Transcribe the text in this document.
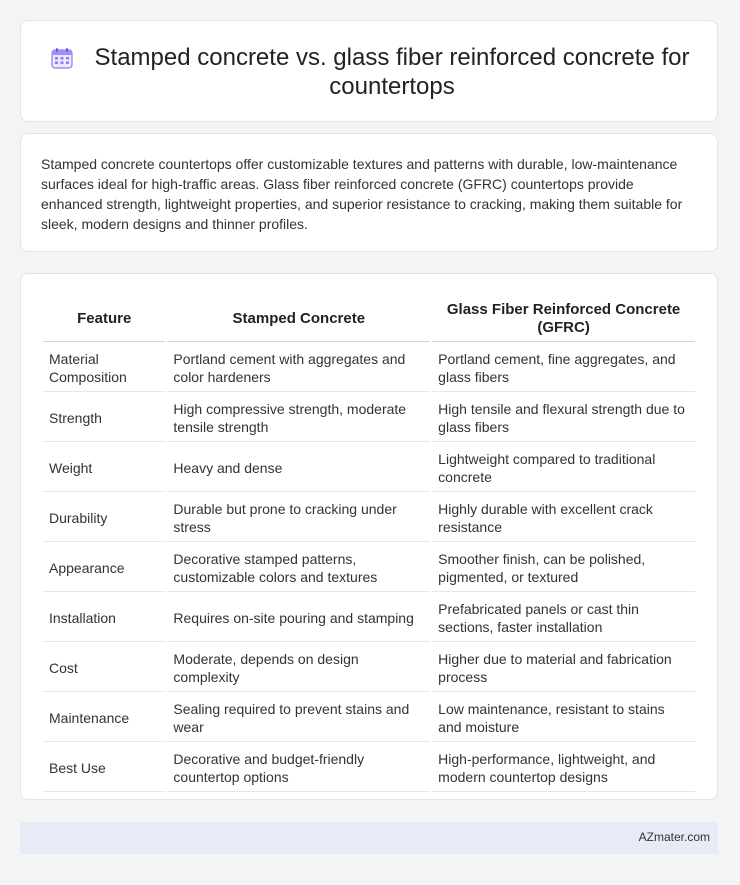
Stamped concrete vs. glass fiber reinforced concrete for countertops
Stamped concrete countertops offer customizable textures and patterns with durable, low-maintenance surfaces ideal for high-traffic areas. Glass fiber reinforced concrete (GFRC) countertops provide enhanced strength, lightweight properties, and superior resistance to cracking, making them suitable for sleek, modern designs and thinner profiles.
Feature	Stamped Concrete	Glass Fiber Reinforced Concrete (GFRC)
Material Composition	Portland cement with aggregates and color hardeners	Portland cement, fine aggregates, and glass fibers
Strength	High compressive strength, moderate tensile strength	High tensile and flexural strength due to glass fibers
Weight	Heavy and dense	Lightweight compared to traditional concrete
Durability	Durable but prone to cracking under stress	Highly durable with excellent crack resistance
Appearance	Decorative stamped patterns, customizable colors and textures	Smoother finish, can be polished, pigmented, or textured
Installation	Requires on-site pouring and stamping	Prefabricated panels or cast thin sections, faster installation
Cost	Moderate, depends on design complexity	Higher due to material and fabrication process
Maintenance	Sealing required to prevent stains and wear	Low maintenance, resistant to stains and moisture
Best Use	Decorative and budget-friendly countertop options	High-performance, lightweight, and modern countertop designs
AZmater.com
